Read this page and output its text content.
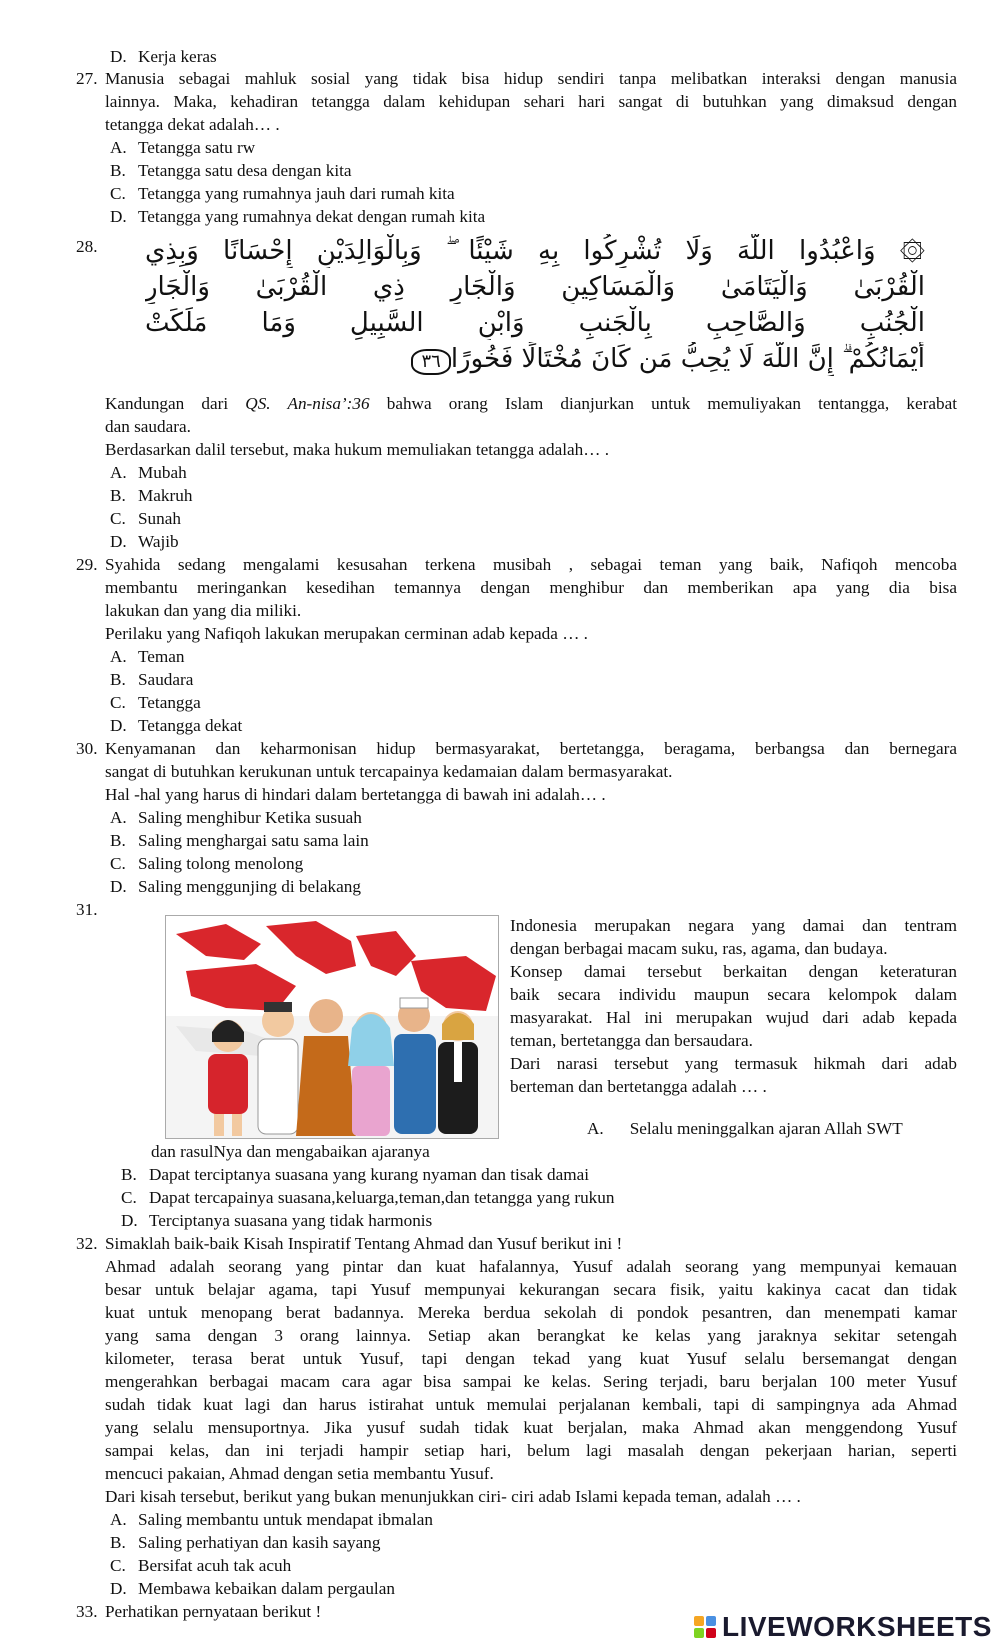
D. Kerja keras
27. Manusia sebagai mahluk sosial yang tidak bisa hidup sendiri tanpa melibatkan interaksi dengan manusia
lainnya. Maka, kehadiran tetangga dalam kehidupan sehari hari sangat di butuhkan yang dimaksud dengan
tetangga dekat adalah… .
A. Tetangga satu rw
B. Tetangga satu desa dengan kita
C. Tetangga yang rumahnya jauh dari rumah kita
D. Tetangga yang rumahnya dekat dengan rumah kita
28. ۞ وَاعْبُدُوا اللَّهَ وَلَا تُشْرِكُوا بِهِ شَيْئًا ۖ وَبِالْوَالِدَيْنِ إِحْسَانًا وَبِذِي
الْقُرْبَىٰ وَالْيَتَامَىٰ وَالْمَسَاكِينِ وَالْجَارِ ذِي الْقُرْبَىٰ وَالْجَارِ
الْجُنُبِ وَالصَّاحِبِ بِالْجَنبِ وَابْنِ السَّبِيلِ وَمَا مَلَكَتْ
أَيْمَانُكُمْ ۗ إِنَّ اللَّهَ لَا يُحِبُّ مَن كَانَ مُخْتَالًا فَخُورًا٣٦
Kandungan dari QS. An-nisa’:36 bahwa orang Islam dianjurkan untuk memuliyakan tentangga, kerabat
dan saudara.
Berdasarkan dalil tersebut, maka hukum memuliakan tetangga adalah… .
A. Mubah
B. Makruh
C. Sunah
D. Wajib
29. Syahida sedang mengalami kesusahan terkena musibah , sebagai teman yang baik, Nafiqoh mencoba
membantu meringankan kesedihan temannya dengan menghibur dan memberikan apa yang dia bisa
lakukan dan yang dia miliki.
Perilaku yang Nafiqoh lakukan merupakan cerminan adab kepada … .
A. Teman
B. Saudara
C. Tetangga
D. Tetangga dekat
30. Kenyamanan dan keharmonisan hidup bermasyarakat, bertetangga, beragama, berbangsa dan bernegara
sangat di butuhkan kerukunan untuk tercapainya kedamaian dalam bermasyarakat.
Hal -hal yang harus di hindari dalam bertetangga di bawah ini adalah… .
A. Saling menghibur Ketika susuah
B. Saling menghargai satu sama lain
C. Saling tolong menolong
D. Saling menggunjing di belakang
31.
Indonesia merupakan negara yang damai dan tentram
dengan berbagai macam suku, ras, agama, dan budaya.
Konsep damai tersebut berkaitan dengan keteraturan
baik secara individu maupun secara kelompok dalam
masyarakat. Hal ini merupakan wujud dari adab kepada
teman, bertetangga dan bersaudara.
Dari narasi tersebut yang termasuk hikmah dari adab
berteman dan bertetangga adalah … .
A. Selalu meninggalkan ajaran Allah SWT
dan rasulNya dan mengabaikan ajaranya
B. Dapat terciptanya suasana yang kurang nyaman dan tisak damai
C. Dapat tercapainya suasana,keluarga,teman,dan tetangga yang rukun
D. Terciptanya suasana yang tidak harmonis
32. Simaklah baik-baik Kisah Inspiratif Tentang Ahmad dan Yusuf berikut ini !
Ahmad adalah seorang yang pintar dan kuat hafalannya, Yusuf adalah seorang yang mempunyai kemauan
besar untuk belajar agama, tapi Yusuf mempunyai kekurangan secara fisik, yaitu kakinya cacat dan tidak
kuat untuk menopang berat badannya. Mereka berdua sekolah di pondok pesantren, dan menempati kamar
yang sama dengan 3 orang lainnya. Setiap akan berangkat ke kelas yang jaraknya sekitar setengah
kilometer, terasa berat untuk Yusuf, tapi dengan tekad yang kuat Yusuf selalu bersemangat dengan
mengerahkan berbagai macam cara agar bisa sampai ke kelas. Sering terjadi, baru berjalan 100 meter Yusuf
sudah tidak kuat lagi dan harus istirahat untuk memulai perjalanan kembali, tapi di sampingnya ada Ahmad
yang selalu mensuportnya. Jika yusuf sudah tidak kuat berjalan, maka Ahmad akan menggendong Yusuf
sampai kelas, dan ini terjadi hampir setiap hari, belum lagi masalah dengan pekerjaan harian, seperti
mencuci pakaian, Ahmad dengan setia membantu Yusuf.
Dari kisah tersebut, berikut yang bukan menunjukkan ciri- ciri adab Islami kepada teman, adalah … .
A. Saling membantu untuk mendapat ibmalan
B. Saling perhatiyan dan kasih sayang
C. Bersifat acuh tak acuh
D. Membawa kebaikan dalam pergaulan
33. Perhatikan pernyataan berikut !	LIVEWORKSHEETS
